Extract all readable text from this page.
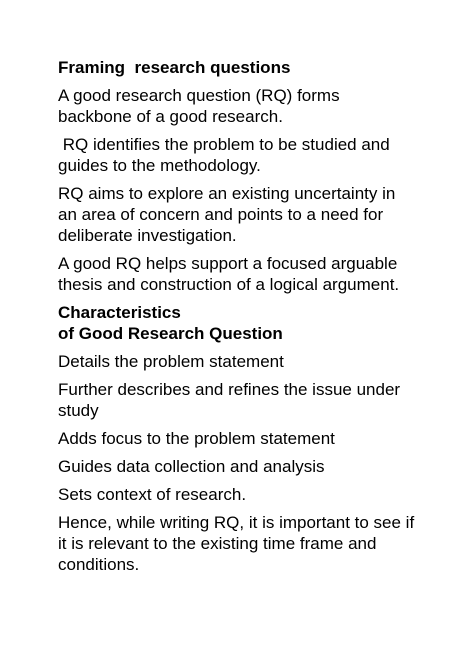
Framing  research questions
A good research question (RQ) forms backbone of a good research.
RQ identifies the problem to be studied and guides to the methodology.
RQ aims to explore an existing uncertainty in an area of concern and points to a need for deliberate investigation.
A good RQ helps support a focused arguable thesis and construction of a logical argument.
Characteristics
of Good Research Question
Details the problem statement
Further describes and refines the issue under study
Adds focus to the problem statement
Guides data collection and analysis
Sets context of research.
Hence, while writing RQ, it is important to see if it is relevant to the existing time frame and conditions.
